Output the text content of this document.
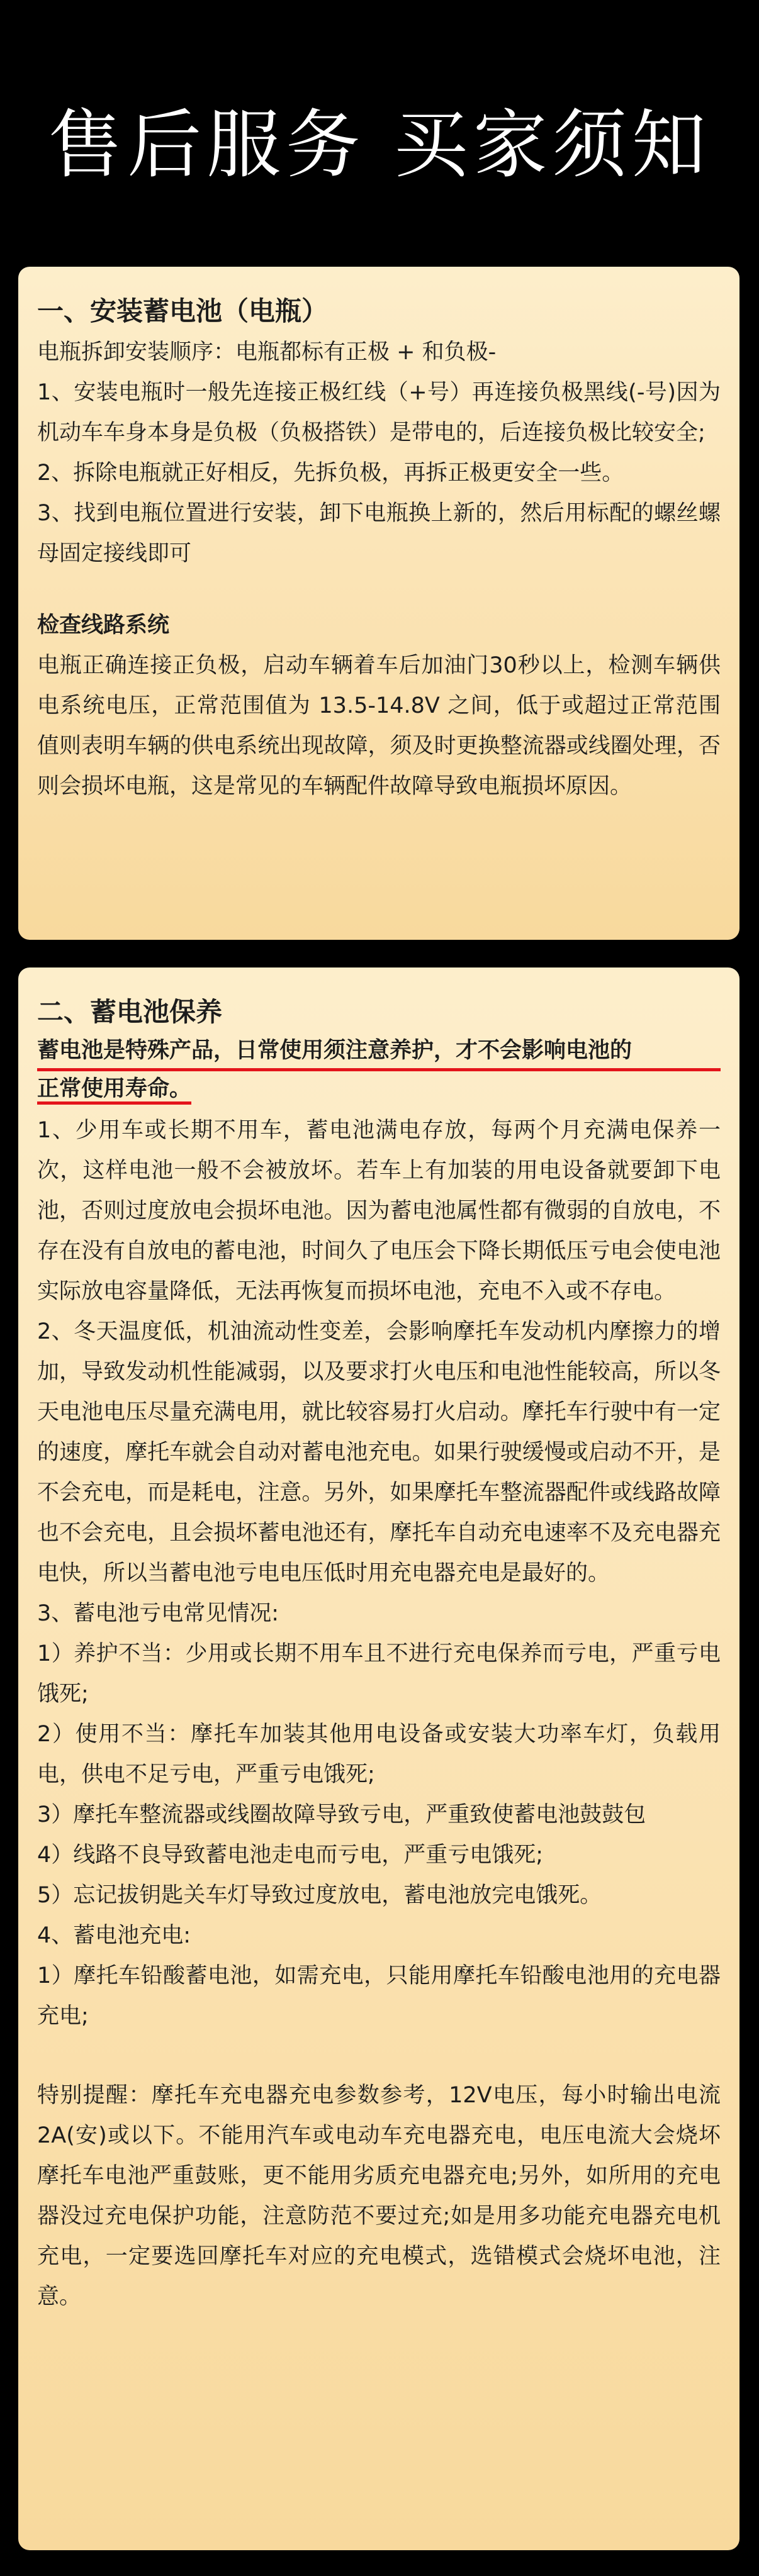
售后服务 买家须知
一、安装蓄电池（电瓶）

电瓶拆卸安装顺序：电瓶都标有正极 + 和负极-

1、安装电瓶时一般先连接正极红线（+号）再连接负极黑线(-号)因为机动车车身本身是负极（负极搭铁）是带电的，后连接负极比较安全;

2、拆除电瓶就正好相反，先拆负极，再拆正极更安全一些。

3、找到电瓶位置进行安装，卸下电瓶换上新的，然后用标配的螺丝螺母固定接线即可

检查线路系统

电瓶正确连接正负极，启动车辆着车后加油门30秒以上，检测车辆供电系统电压，正常范围值为 13.5-14.8V 之间，低于或超过正常范围值则表明车辆的供电系统出现故障，须及时更换整流器或线圈处理，否则会损坏电瓶，这是常见的车辆配件故障导致电瓶损坏原因。

二、蓄电池保养
蓄电池是特殊产品，日常使用须注意养护，才不会影响电池的
正常使用寿命。

1、少用车或长期不用车，蓄电池满电存放，每两个月充满电保养一次，这样电池一般不会被放坏。若车上有加装的用电设备就要卸下电池，否则过度放电会损坏电池。因为蓄电池属性都有微弱的自放电，不存在没有自放电的蓄电池，时间久了电压会下降长期低压亏电会使电池实际放电容量降低，无法再恢复而损坏电池，充电不入或不存电。

2、冬天温度低，机油流动性变差，会影响摩托车发动机内摩擦力的增加，导致发动机性能减弱，以及要求打火电压和电池性能较高，所以冬天电池电压尽量充满电用，就比较容易打火启动。摩托车行驶中有一定的速度，摩托车就会自动对蓄电池充电。如果行驶缓慢或启动不开，是不会充电，而是耗电，注意。另外，如果摩托车整流器配件或线路故障也不会充电，且会损坏蓄电池还有，摩托车自动充电速率不及充电器充电快，所以当蓄电池亏电电压低时用充电器充电是最好的。

3、蓄电池亏电常见情况:

1）养护不当：少用或长期不用车且不进行充电保养而亏电，严重亏电饿死;

2）使用不当：摩托车加装其他用电设备或安装大功率车灯，负载用电，供电不足亏电，严重亏电饿死;

3）摩托车整流器或线圈故障导致亏电，严重致使蓄电池鼓鼓包

4）线路不良导致蓄电池走电而亏电，严重亏电饿死;

5）忘记拔钥匙关车灯导致过度放电，蓄电池放完电饿死。

4、蓄电池充电:

1）摩托车铅酸蓄电池，如需充电，只能用摩托车铅酸电池用的充电器充电;

特别提醒：摩托车充电器充电参数参考，12V电压，每小时输出电流2A(安)或以下。不能用汽车或电动车充电器充电，电压电流大会烧坏摩托车电池严重鼓账，更不能用劣质充电器充电;另外，如所用的充电器没过充电保护功能，注意防范不要过充;如是用多功能充电器充电机充电，一定要选回摩托车对应的充电模式，选错模式会烧坏电池，注意。
